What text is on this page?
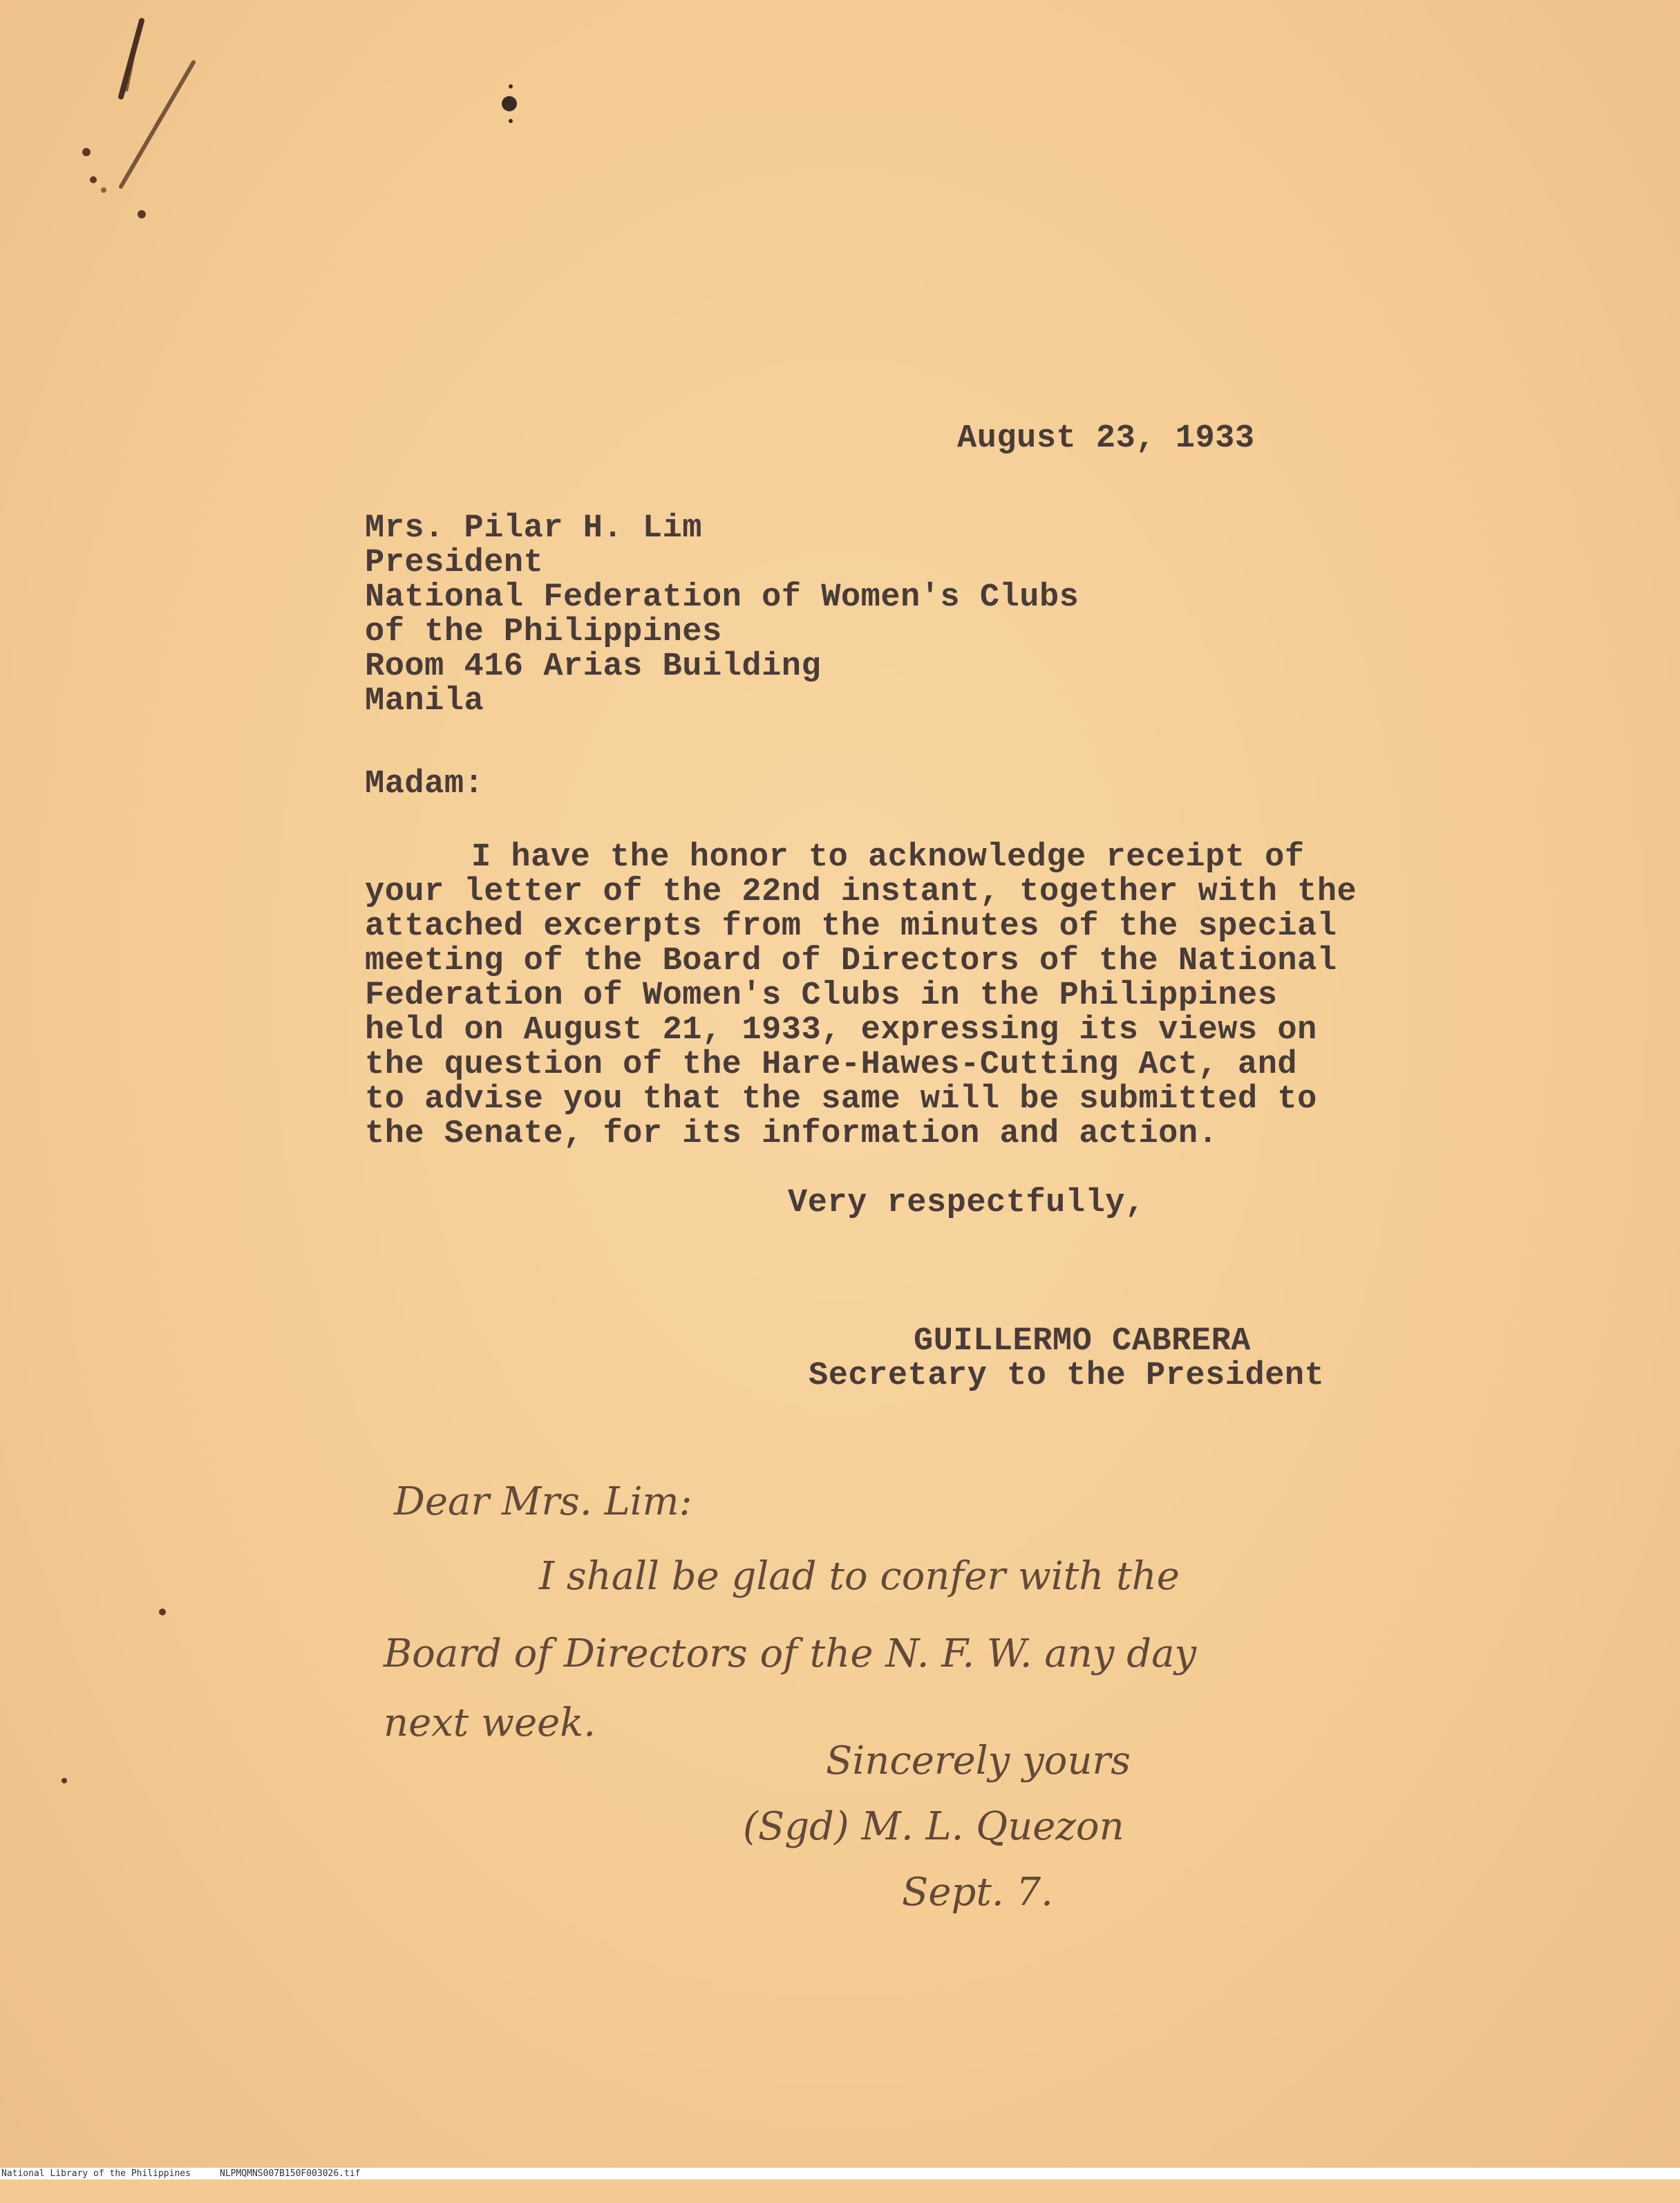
August 23, 1933
Mrs. Pilar H. Lim
President
National Federation of Women's Clubs
of the Philippines
Room 416 Arias Building
Manila
Madam:
I have the honor to acknowledge receipt of
your letter of the 22nd instant, together with the
attached excerpts from the minutes of the special
meeting of the Board of Directors of the National
Federation of Women's Clubs in the Philippines
held on August 21, 1933, expressing its views on
the question of the Hare-Hawes-Cutting Act, and
to advise you that the same will be submitted to
the Senate, for its information and action.
Very respectfully,
GUILLERMO CABRERA
Secretary to the President
Dear Mrs. Lim:
I shall be glad to confer with the
Board of Directors of the N. F. W. any day
next week.
Sincerely yours
(Sgd) M. L. Quezon
Sept. 7.

National Library of the Philippines

	NLPMQMNS007B150F003026.tif
